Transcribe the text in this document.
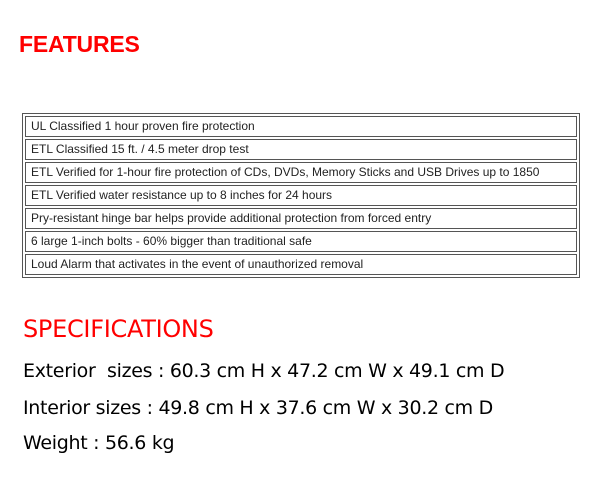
FEATURES
UL Classified 1 hour proven fire protection
ETL Classified 15 ft. / 4.5 meter drop test
ETL Verified for 1-hour fire protection of CDs, DVDs, Memory Sticks and USB Drives up to 1850
ETL Verified water resistance up to 8 inches for 24 hours
Pry-resistant hinge bar helps provide additional protection from forced entry
6 large 1-inch bolts - 60% bigger than traditional safe
Loud Alarm that activates in the event of unauthorized removal
SPECIFICATIONS

Exterior  sizes : 60.3 cm H x 47.2 cm W x 49.1 cm D

Interior sizes : 49.8 cm H x 37.6 cm W x 30.2 cm D

Weight : 56.6 kg
